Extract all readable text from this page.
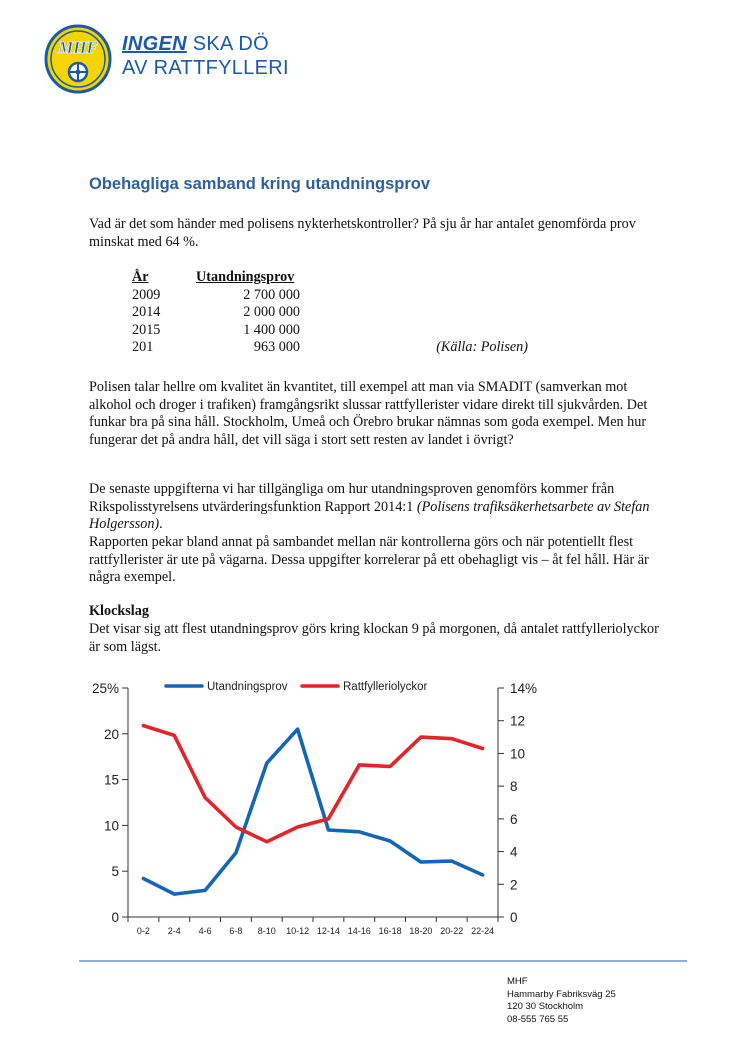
MHF INGEN SKA DÖ
AV RATTFYLLERI
Obehagliga samband kring utandningsprov

Vad är det som händer med polisens nykterhetskontroller? På sju år har antalet genomförda prov minskat med 64 %.

År	Utandningsprov	
2009	2 700 000	
2014	2 000 000	
2015	1 400 000	
201	963 000	(Källa: Polisen)

Polisen talar hellre om kvalitet än kvantitet, till exempel att man via SMADIT (samverkan mot alkohol och droger i trafiken) framgångsrikt slussar rattfyllerister vidare direkt till sjukvården. Det funkar bra på sina håll. Stockholm, Umeå och Örebro brukar nämnas som goda exempel. Men hur fungerar det på andra håll, det vill säga i stort sett resten av landet i övrigt?

De senaste uppgifterna vi har tillgängliga om hur utandningsproven genomförs kommer från Rikspolisstyrelsens utvärderingsfunktion Rapport 2014:1 (Polisens trafiksäkerhetsarbete av Stefan Holgersson).

Rapporten pekar bland annat på sambandet mellan när kontrollerna görs och när potentiellt flest rattfyllerister är ute på vägarna. Dessa uppgifter korrelerar på ett obehagligt vis – åt fel håll. Här är några exempel.

Klockslag

Det visar sig att flest utandningsprov görs kring klockan 9 på morgonen, då antalet rattfylleriolyckor är som lägst.

0
5
10
15
20
25%
0
2
4
6
8
10
12
14%
0-2 2-4 4-6 6-8 8-10 10-12 12-14 14-16 16-18 18-20 20-22 22-24
Utandningsprov	Rattfylleriolyckor
MHF
Hammarby Fabriksväg 25
120 30 Stockholm
08-555 765 55
